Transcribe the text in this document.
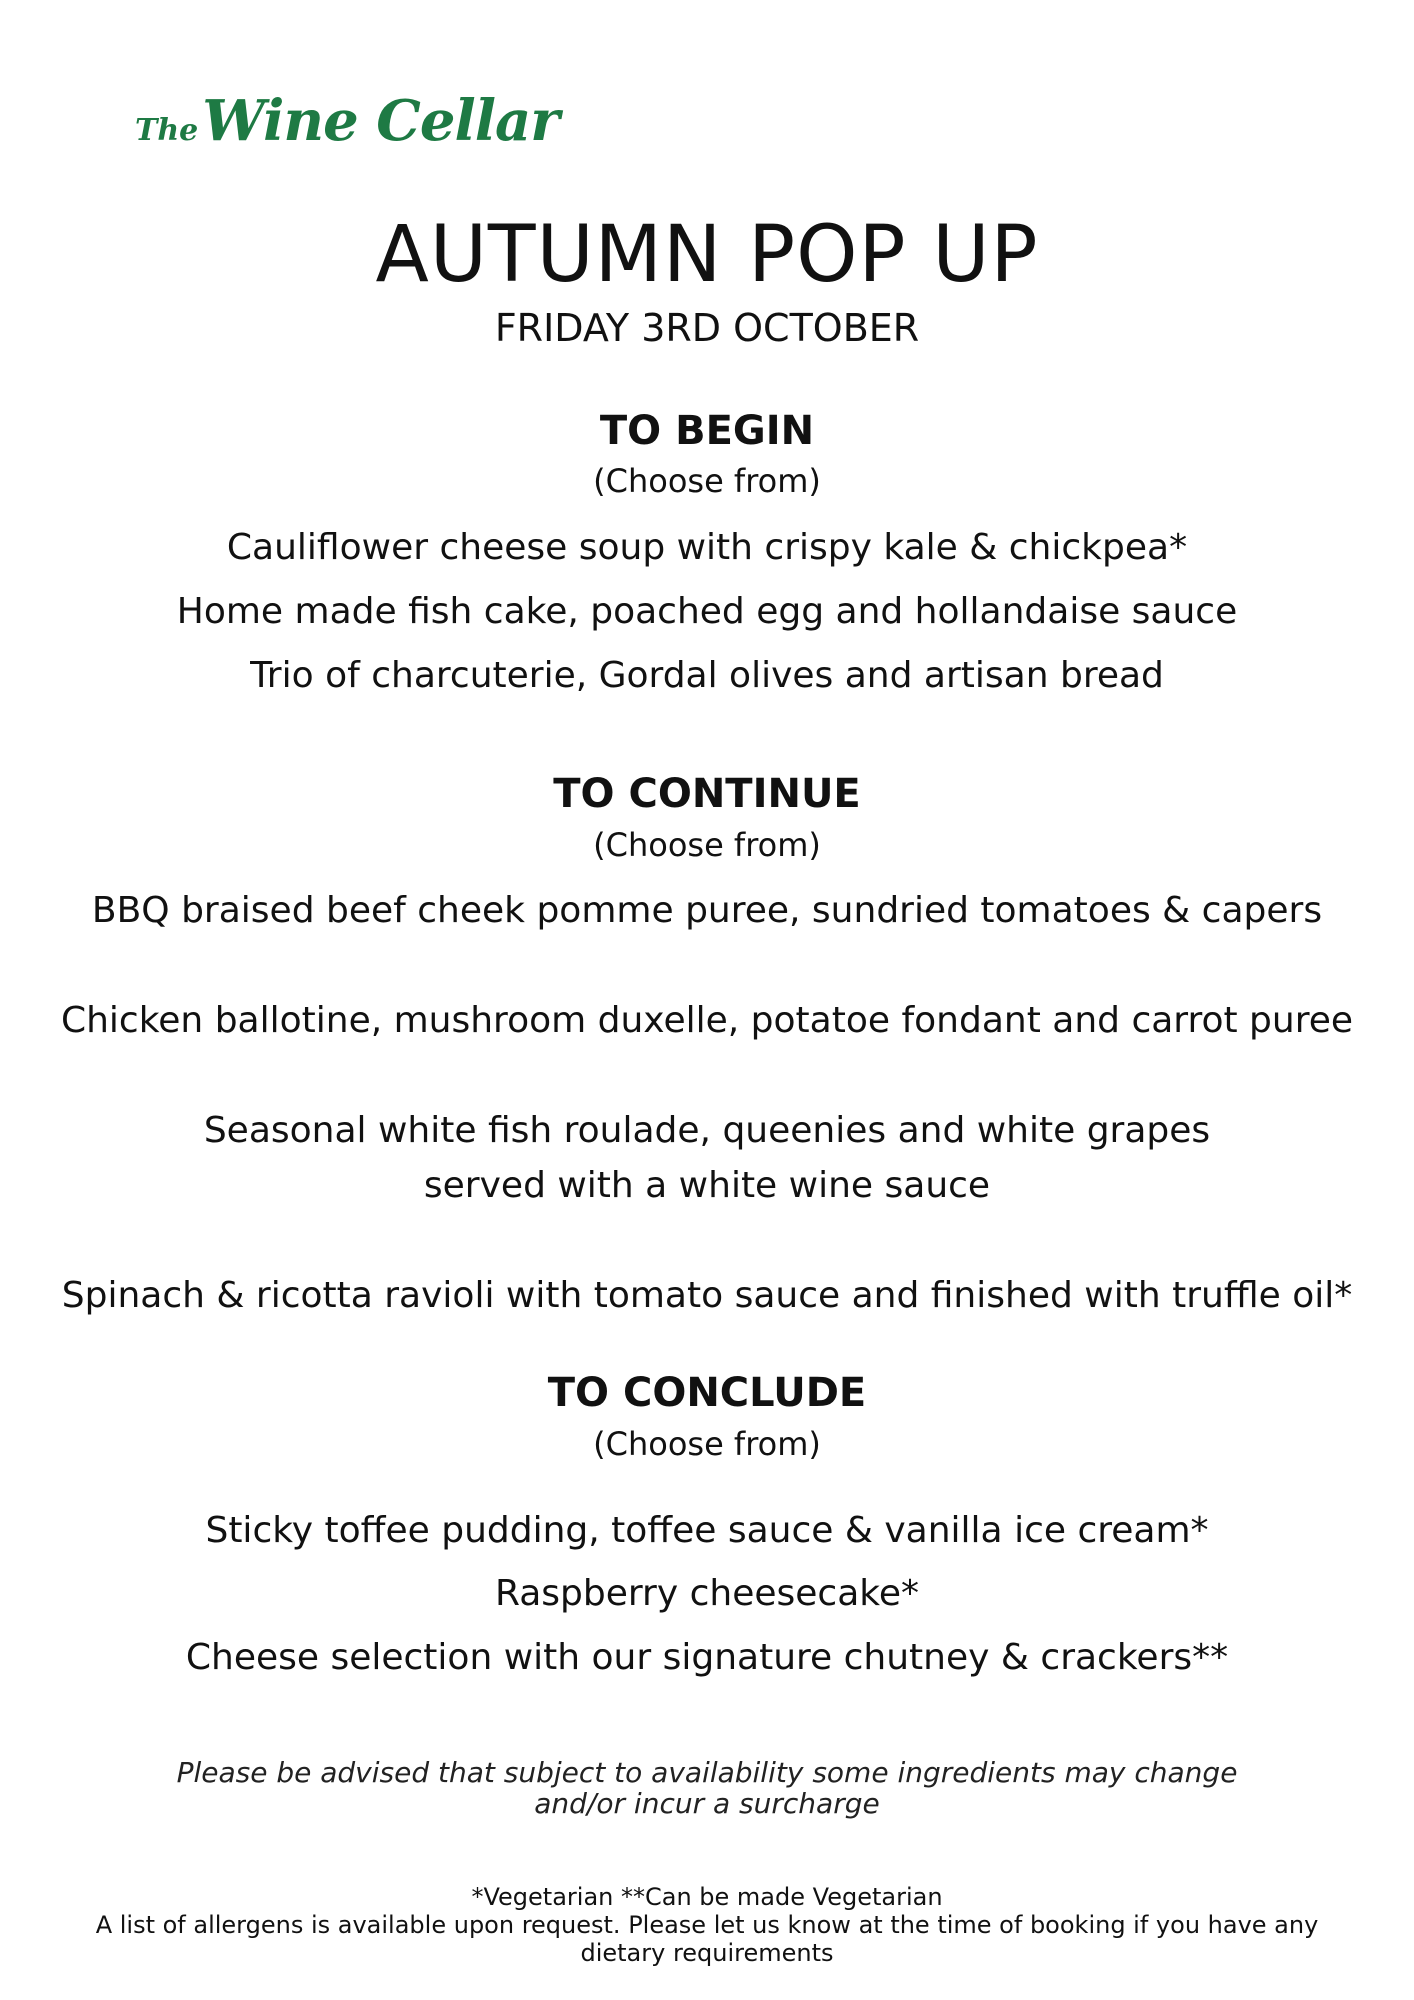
TheWine Cellar
AUTUMN POP UP
FRIDAY 3RD OCTOBER
TO BEGIN
(Choose from)
Cauliflower cheese soup with crispy kale & chickpea*
Home made fish cake, poached egg and hollandaise sauce
Trio of charcuterie, Gordal olives and artisan bread
TO CONTINUE
(Choose from)
BBQ braised beef cheek pomme puree, sundried tomatoes & capers
Chicken ballotine, mushroom duxelle, potatoe fondant and carrot puree
Seasonal white fish roulade, queenies and white grapes
served with a white wine sauce
Spinach & ricotta ravioli with tomato sauce and finished with truffle oil*
TO CONCLUDE
(Choose from)
Sticky toffee pudding, toffee sauce & vanilla ice cream*
Raspberry cheesecake*
Cheese selection with our signature chutney & crackers**
Please be advised that subject to availability some ingredients may change
and/or incur a surcharge
*Vegetarian **Can be made Vegetarian
A list of allergens is available upon request. Please let us know at the time of booking if you have any
dietary requirements
